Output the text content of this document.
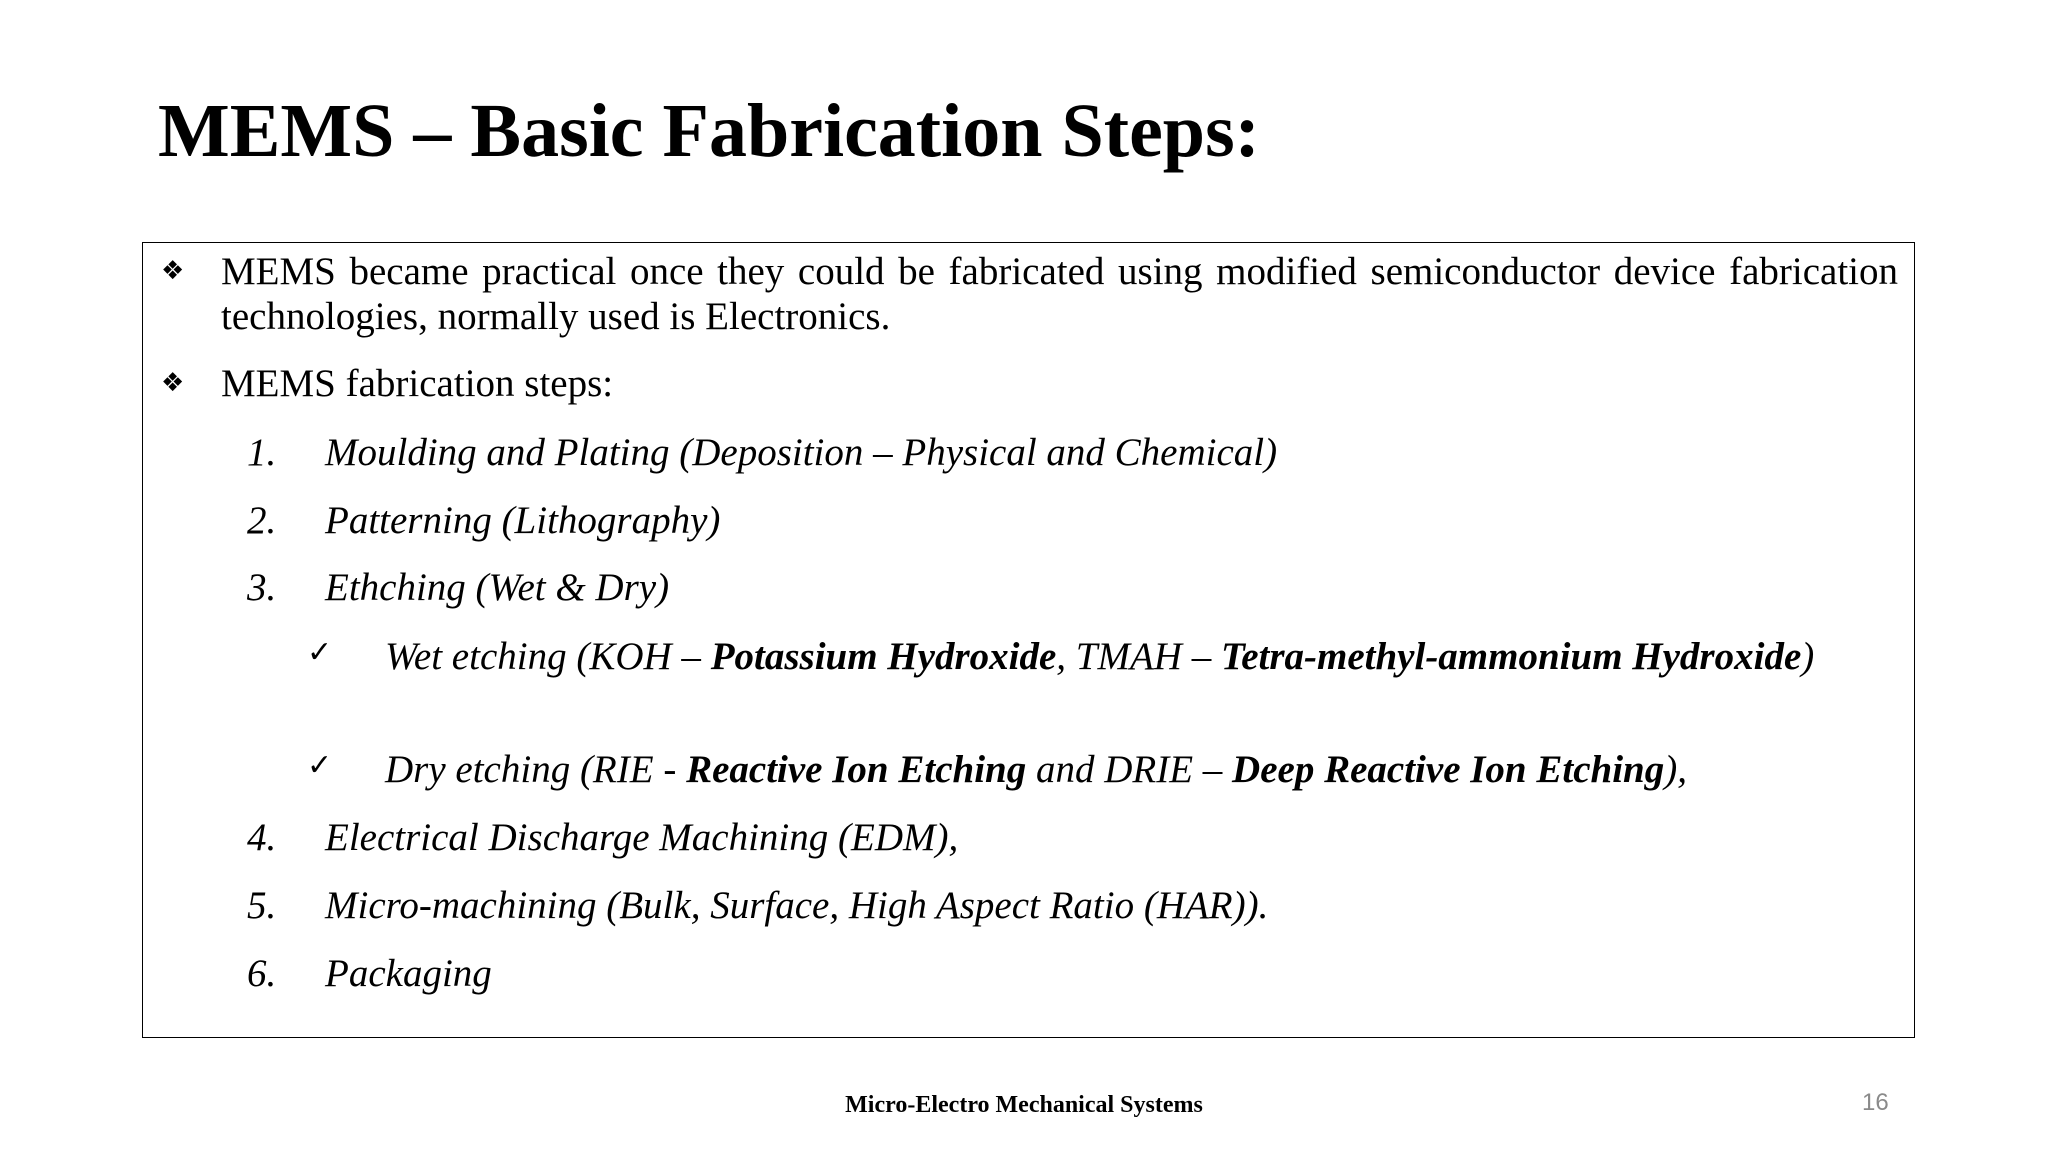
MEMS – Basic Fabrication Steps:
❖ MEMS became practical once they could be fabricated using modified semiconductor device fabrication technologies, normally used is Electronics.
❖ MEMS fabrication steps:
1. Moulding and Plating (Deposition – Physical and Chemical)
2. Patterning (Lithography)
3. Ethching (Wet & Dry)
✓ Wet etching (KOH – Potassium Hydroxide, TMAH – Tetra-methyl-ammonium Hydroxide)
✓ Dry etching (RIE - Reactive Ion Etching and DRIE – Deep Reactive Ion Etching),
4. Electrical Discharge Machining (EDM),
5. Micro-machining (Bulk, Surface, High Aspect Ratio (HAR)).
6. Packaging
Micro-Electro Mechanical Systems	16
